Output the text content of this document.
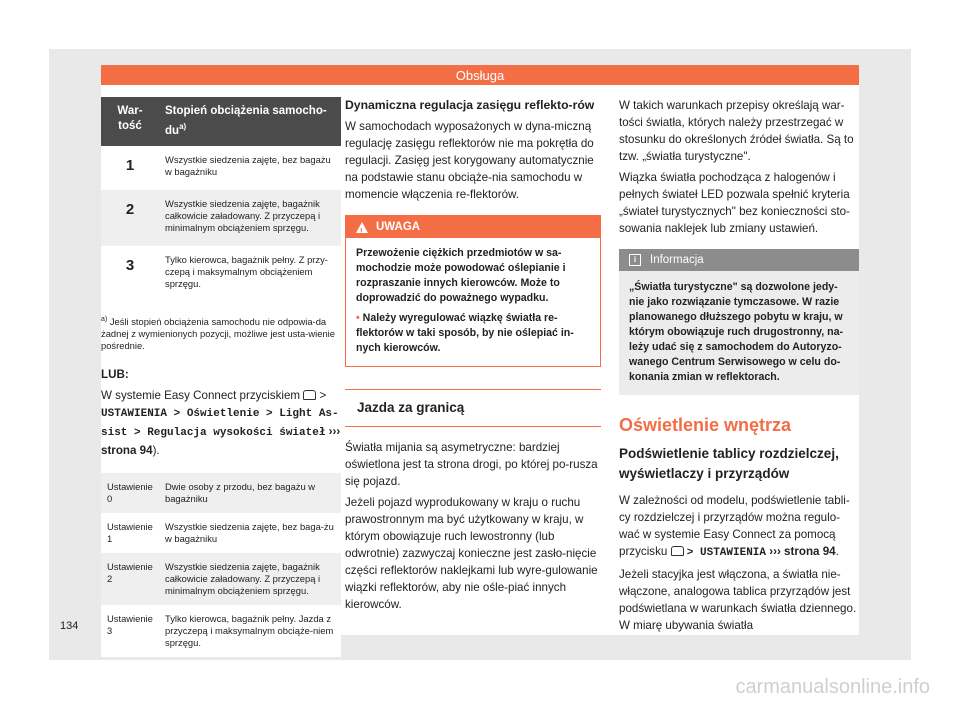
Obsługa
War-
tość	Stopień obciążenia samocho-
$du^{a)}$
1	Wszystkie siedzenia zajęte, bez bagażu w bagażniku
2	Wszystkie siedzenia zajęte, bagażnik całkowicie załadowany. Z przyczepą i minimalnym obciążeniem sprzęgu.
3	Tylko kierowca, bagażnik pełny. Z przy-czepą i maksymalnym obciążeniem sprzęgu.
$^{a)}$ Jeśli stopień obciążenia samochodu nie odpowia-da żadnej z wymienionych pozycji, możliwe jest usta-wienie pośrednie.
LUB:

W systemie Easy Connect przyciskiem > USTAWIENIA > Oświetlenie > Light As-sist > Regulacja wysokości świateł ››› strona 94).

Ustawienie 0	Dwie osoby z przodu, bez bagażu w bagażniku
Ustawienie 1	Wszystkie siedzenia zajęte, bez baga-żu w bagażniku
Ustawienie 2	Wszystkie siedzenia zajęte, bagażnik całkowicie załadowany. Z przyczepą i minimalnym obciążeniem sprzęgu.
Ustawienie 3	Tylko kierowca, bagażnik pełny. Jazda z przyczepą i maksymalnym obciąże-niem sprzęgu.
Dynamiczna regulacja zasięgu reflekto-rów

W samochodach wyposażonych w dyna-miczną regulację zasięgu reflektorów nie ma pokrętła do regulacji. Zasięg jest korygowany automatycznie na podstawie stanu obciąże-nia samochodu w momencie włączenia re-flektorów.

!
UWAGA
Przewożenie ciężkich przedmiotów w sa-mochodzie może powodować oślepianie i rozpraszanie innych kierowców. Może to doprowadzić do poważnego wypadku.
• Należy wyregulować wiązkę światła re-flektorów w taki sposób, by nie oślepiać in-nych kierowców.
Jazda za granicą

Światła mijania są asymetryczne: bardziej oświetlona jest ta strona drogi, po której po-rusza się pojazd.

Jeżeli pojazd wyprodukowany w kraju o ruchu prawostronnym ma być użytkowany w kraju, w którym obowiązuje ruch lewostronny (lub odwrotnie) zazwyczaj konieczne jest zasło-nięcie części reflektorów naklejkami lub wyre-gulowanie wiązki reflektorów, aby nie ośle-piać innych kierowców.

W takich warunkach przepisy określają war-tości światła, których należy przestrzegać w stosunku do określonych źródeł światła. Są to tzw. „światła turystyczne".

Wiązka światła pochodząca z halogenów i pełnych świateł LED pozwala spełnić kryteria „świateł turystycznych" bez konieczności sto-sowania naklejek lub zmiany ustawień.

i	Informacja
„Światła turystyczne" są dozwolone jedy-nie jako rozwiązanie tymczasowe. W razie planowanego dłuższego pobytu w kraju, w którym obowiązuje ruch drugostronny, na-leży udać się z samochodem do Autoryzo-wanego Centrum Serwisowego w celu do-konania zmian w reflektorach.
Oświetlenie wnętrza
Podświetlenie tablicy rozdzielczej, wyświetlaczy i przyrządów

W zależności od modelu, podświetlenie tabli-cy rozdzielczej i przyrządów można regulo-wać w systemie Easy Connect za pomocą przycisku > USTAWIENIA ››› strona 94.

Jeżeli stacyjka jest włączona, a światła nie-włączone, analogowa tablica przyrządów jest podświetlana w warunkach światła dziennego. W miarę ubywania światła

134
carmanualsonline.info
